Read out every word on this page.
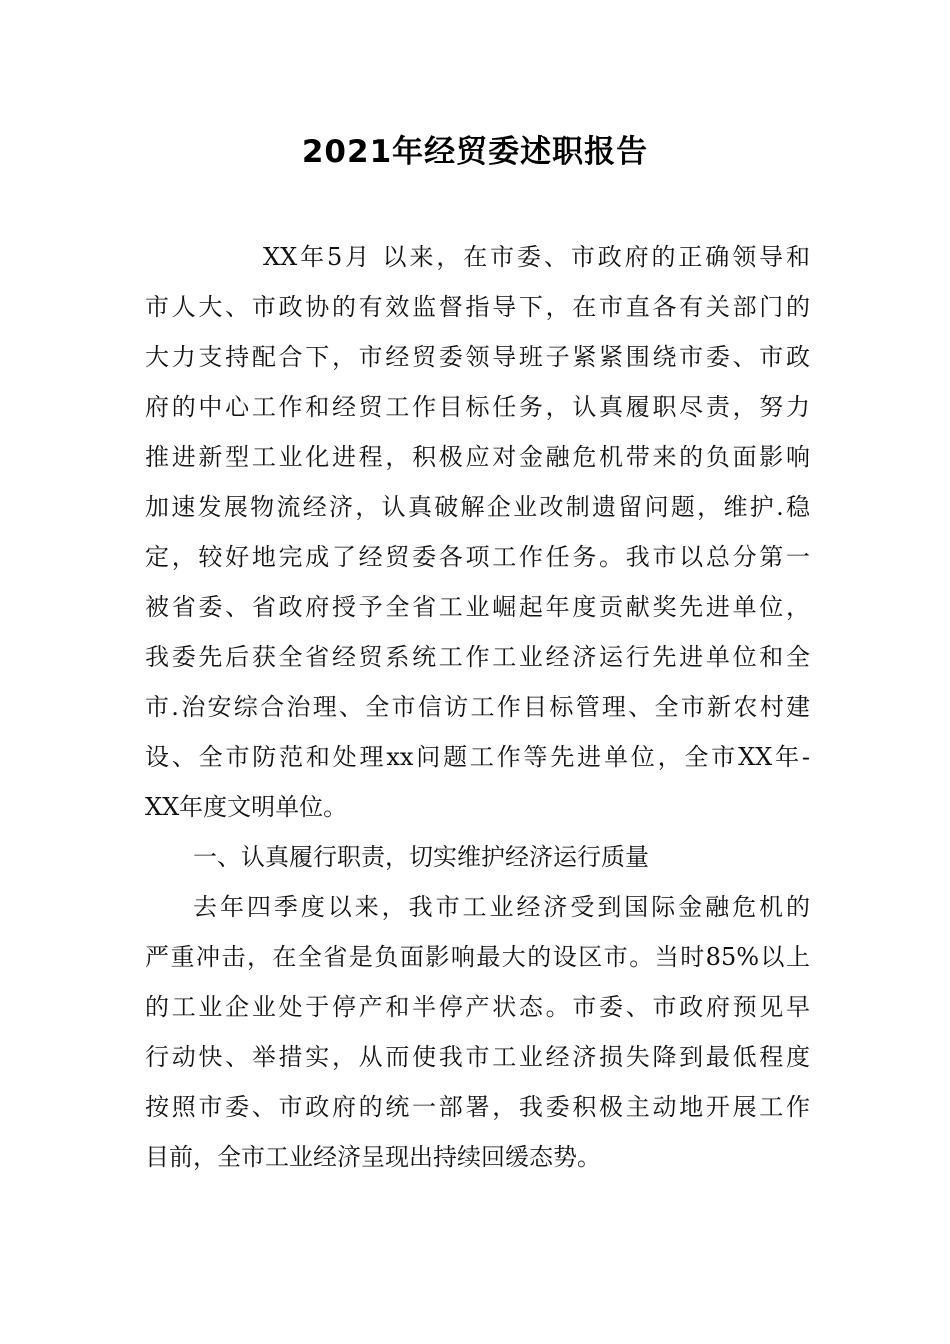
2021年经贸委述职报告
XX年5月 以来，在市委、市政府的正确领导和
市人大、市政协的有效监督指导下，在市直各有关部门的
大力支持配合下，市经贸委领导班子紧紧围绕市委、市政
府的中心工作和经贸工作目标任务，认真履职尽责，努力
推进新型工业化进程，积极应对金融危机带来的负面影响
加速发展物流经济，认真破解企业改制遗留问题，维护.稳
定，较好地完成了经贸委各项工作任务。我市以总分第一
被省委、省政府授予全省工业崛起年度贡献奖先进单位，
我委先后获全省经贸系统工作工业经济运行先进单位和全
市.治安综合治理、全市信访工作目标管理、全市新农村建
设、全市防范和处理xx问题工作等先进单位，全市XX年-
XX年度文明单位。
一、认真履行职责，切实维护经济运行质量
去年四季度以来，我市工业经济受到国际金融危机的
严重冲击，在全省是负面影响最大的设区市。当时85%以上
的工业企业处于停产和半停产状态。市委、市政府预见早
行动快、举措实，从而使我市工业经济损失降到最低程度
按照市委、市政府的统一部署，我委积极主动地开展工作
目前，全市工业经济呈现出持续回缓态势。
